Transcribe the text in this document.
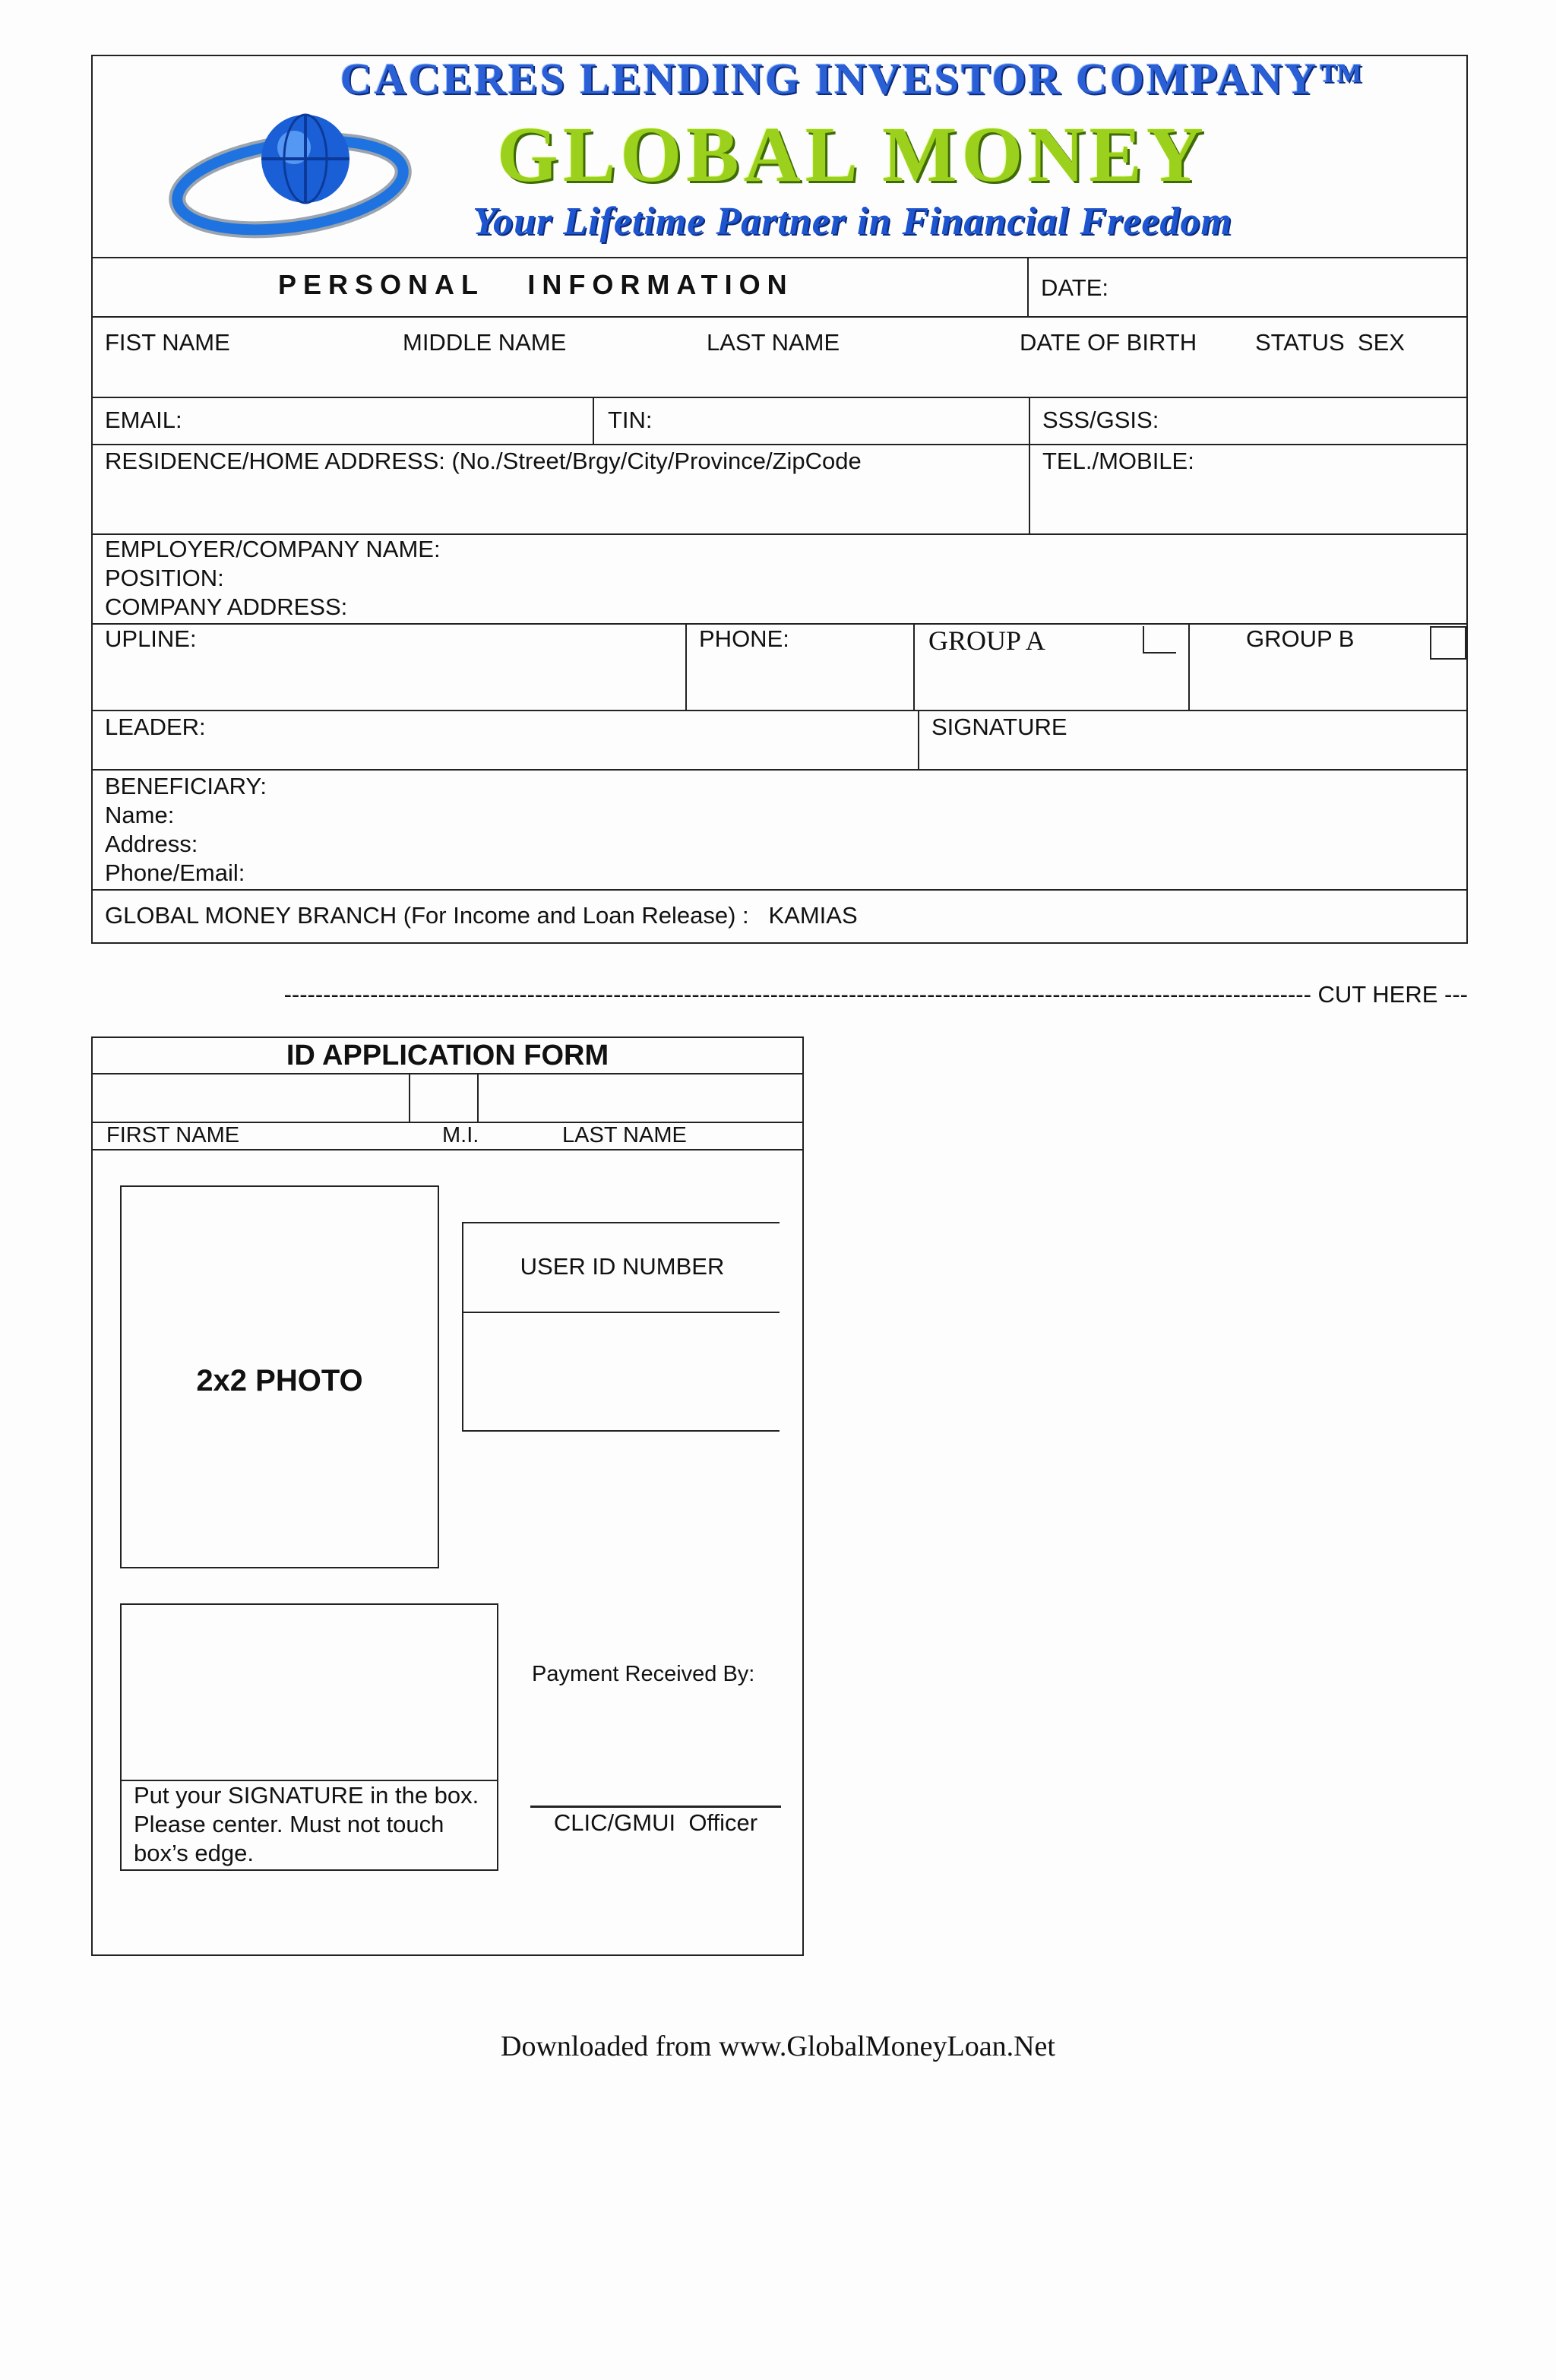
CACERES LENDING INVESTOR COMPANY™
GLOBAL MONEY
Your Lifetime Partner in Financial Freedom
PERSONAL   INFORMATION	DATE:
FIST NAME	MIDDLE NAME	LAST NAME	DATE OF BIRTH STATUS  SEX
EMAIL:	TIN:	SSS/GSIS:
RESIDENCE/HOME ADDRESS: (No./Street/Brgy/City/Province/ZipCode	TEL./MOBILE:
EMPLOYER/COMPANY NAME:
POSITION:
COMPANY ADDRESS:
UPLINE:	PHONE:	GROUP A	GROUP B
LEADER:	SIGNATURE
BENEFICIARY:
Name:
Address:
Phone/Email:
GLOBAL MONEY BRANCH (For Income and Loan Release) :   KAMIAS
----------------------------------------------------------------------------------------------------------------------------------- CUT HERE ---
ID APPLICATION FORM
FIRST NAME	M.I.	LAST NAME
2x2 PHOTO
USER ID NUMBER
Put your SIGNATURE in the box. Please center. Must not touch box’s edge.
Payment Received By:
CLIC/GMUI  Officer
Downloaded from www.GlobalMoneyLoan.Net
